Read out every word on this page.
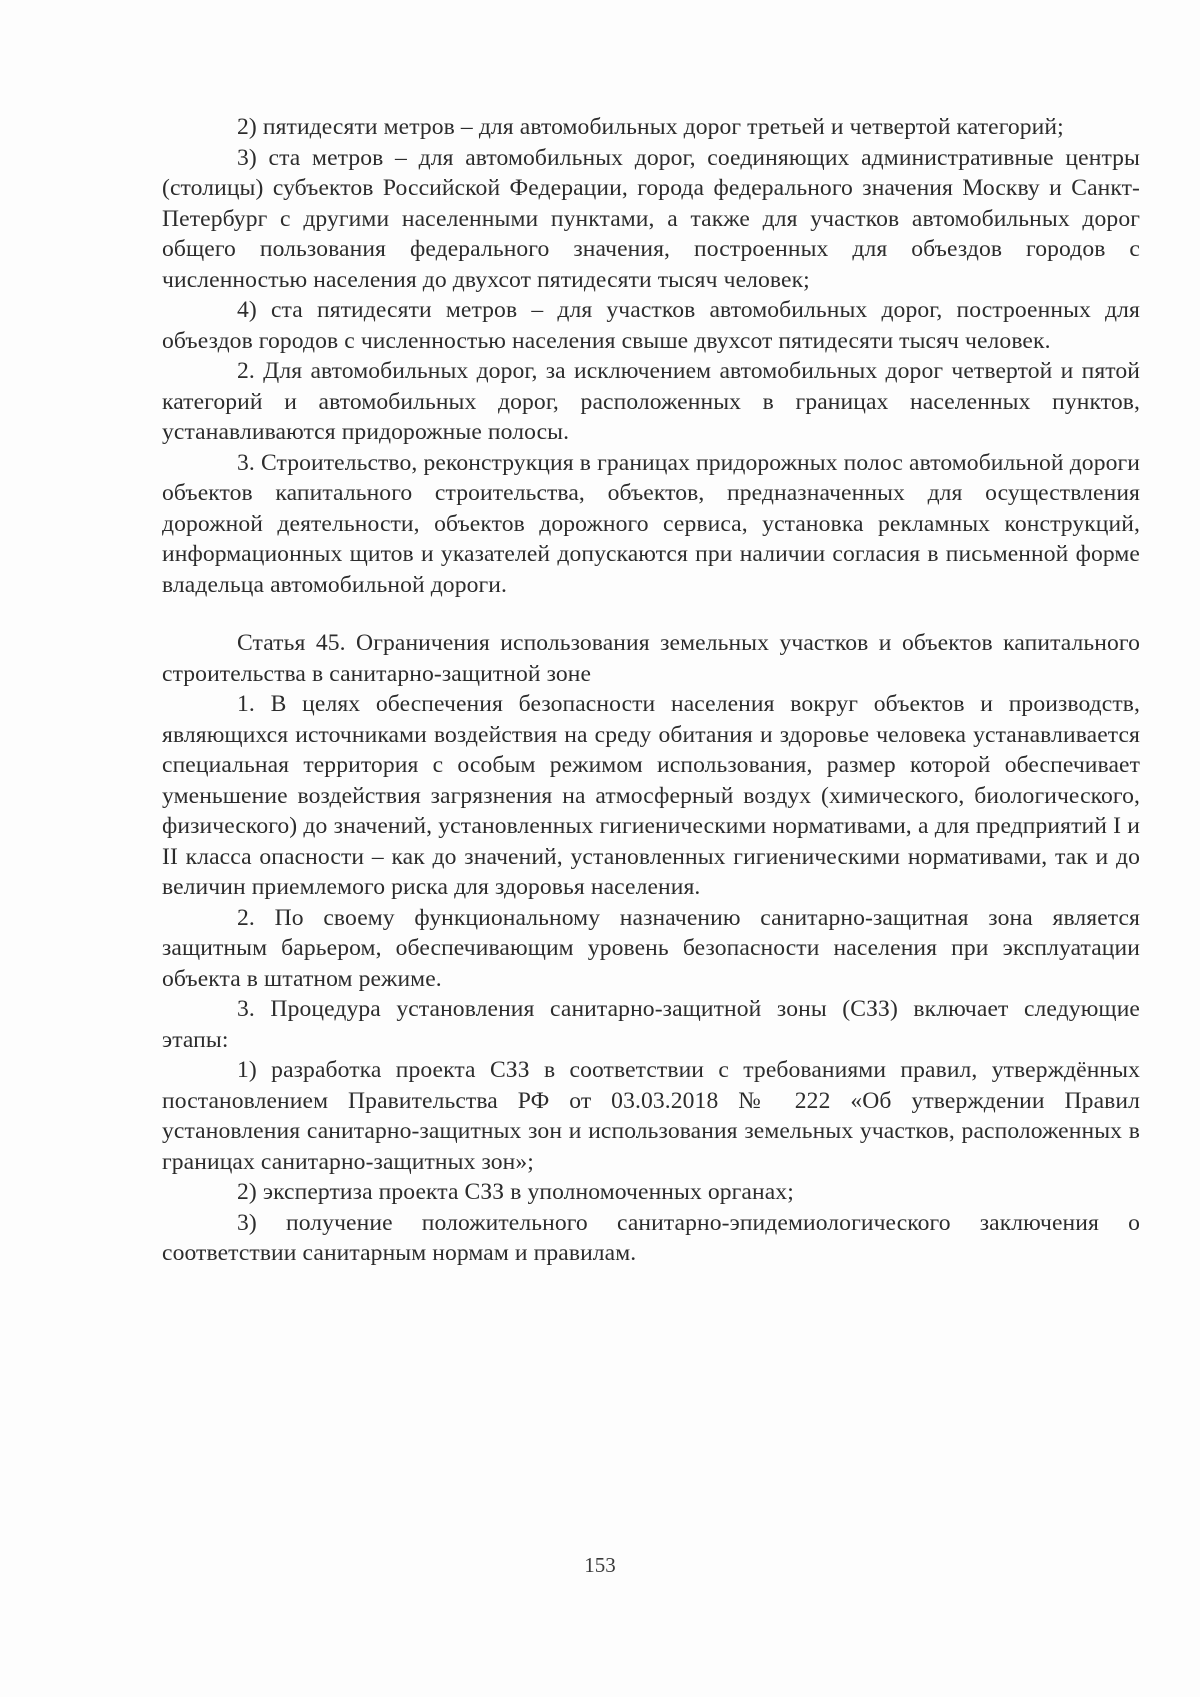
2) пятидесяти метров – для автомобильных дорог третьей и четвертой категорий;

3) ста метров – для автомобильных дорог, соединяющих административные центры (столицы) субъектов Российской Федерации, города федерального значения Москву и Санкт-Петербург с другими населенными пунктами, а также для участков автомобильных дорог общего пользования федерального значения, построенных для объездов городов с численностью населения до двухсот пятидесяти тысяч человек;

4) ста пятидесяти метров – для участков автомобильных дорог, построенных для объездов городов с численностью населения свыше двухсот пятидесяти тысяч человек.

2. Для автомобильных дорог, за исключением автомобильных дорог четвертой и пятой категорий и автомобильных дорог, расположенных в границах населенных пунктов, устанавливаются придорожные полосы.

3. Строительство, реконструкция в границах придорожных полос автомобильной дороги объектов капитального строительства, объектов, предназначенных для осуществления дорожной деятельности, объектов дорожного сервиса, установка рекламных конструкций, информационных щитов и указателей допускаются при наличии согласия в письменной форме владельца автомобильной дороги.

Статья 45. Ограничения использования земельных участков и объектов капитального строительства в санитарно-защитной зоне

1. В целях обеспечения безопасности населения вокруг объектов и производств, являющихся источниками воздействия на среду обитания и здоровье человека устанавливается специальная территория с особым режимом использования, размер которой обеспечивает уменьшение воздействия загрязнения на атмосферный воздух (химического, биологического, физического) до значений, установленных гигиеническими нормативами, а для предприятий I и II класса опасности – как до значений, установленных гигиеническими нормативами, так и до величин приемлемого риска для здоровья населения.

2. По своему функциональному назначению санитарно-защитная зона является защитным барьером, обеспечивающим уровень безопасности населения при эксплуатации объекта в штатном режиме.

3. Процедура установления санитарно-защитной зоны (СЗЗ) включает следующие этапы:

1) разработка проекта СЗЗ в соответствии с требованиями правил, утверждённых постановлением Правительства РФ от 03.03.2018 № 222 «Об утверждении Правил установления санитарно-защитных зон и использования земельных участков, расположенных в границах санитарно-защитных зон»;

2) экспертиза проекта СЗЗ в уполномоченных органах;

3) получение положительного санитарно-эпидемиологического заключения о соответствии санитарным нормам и правилам.

153
